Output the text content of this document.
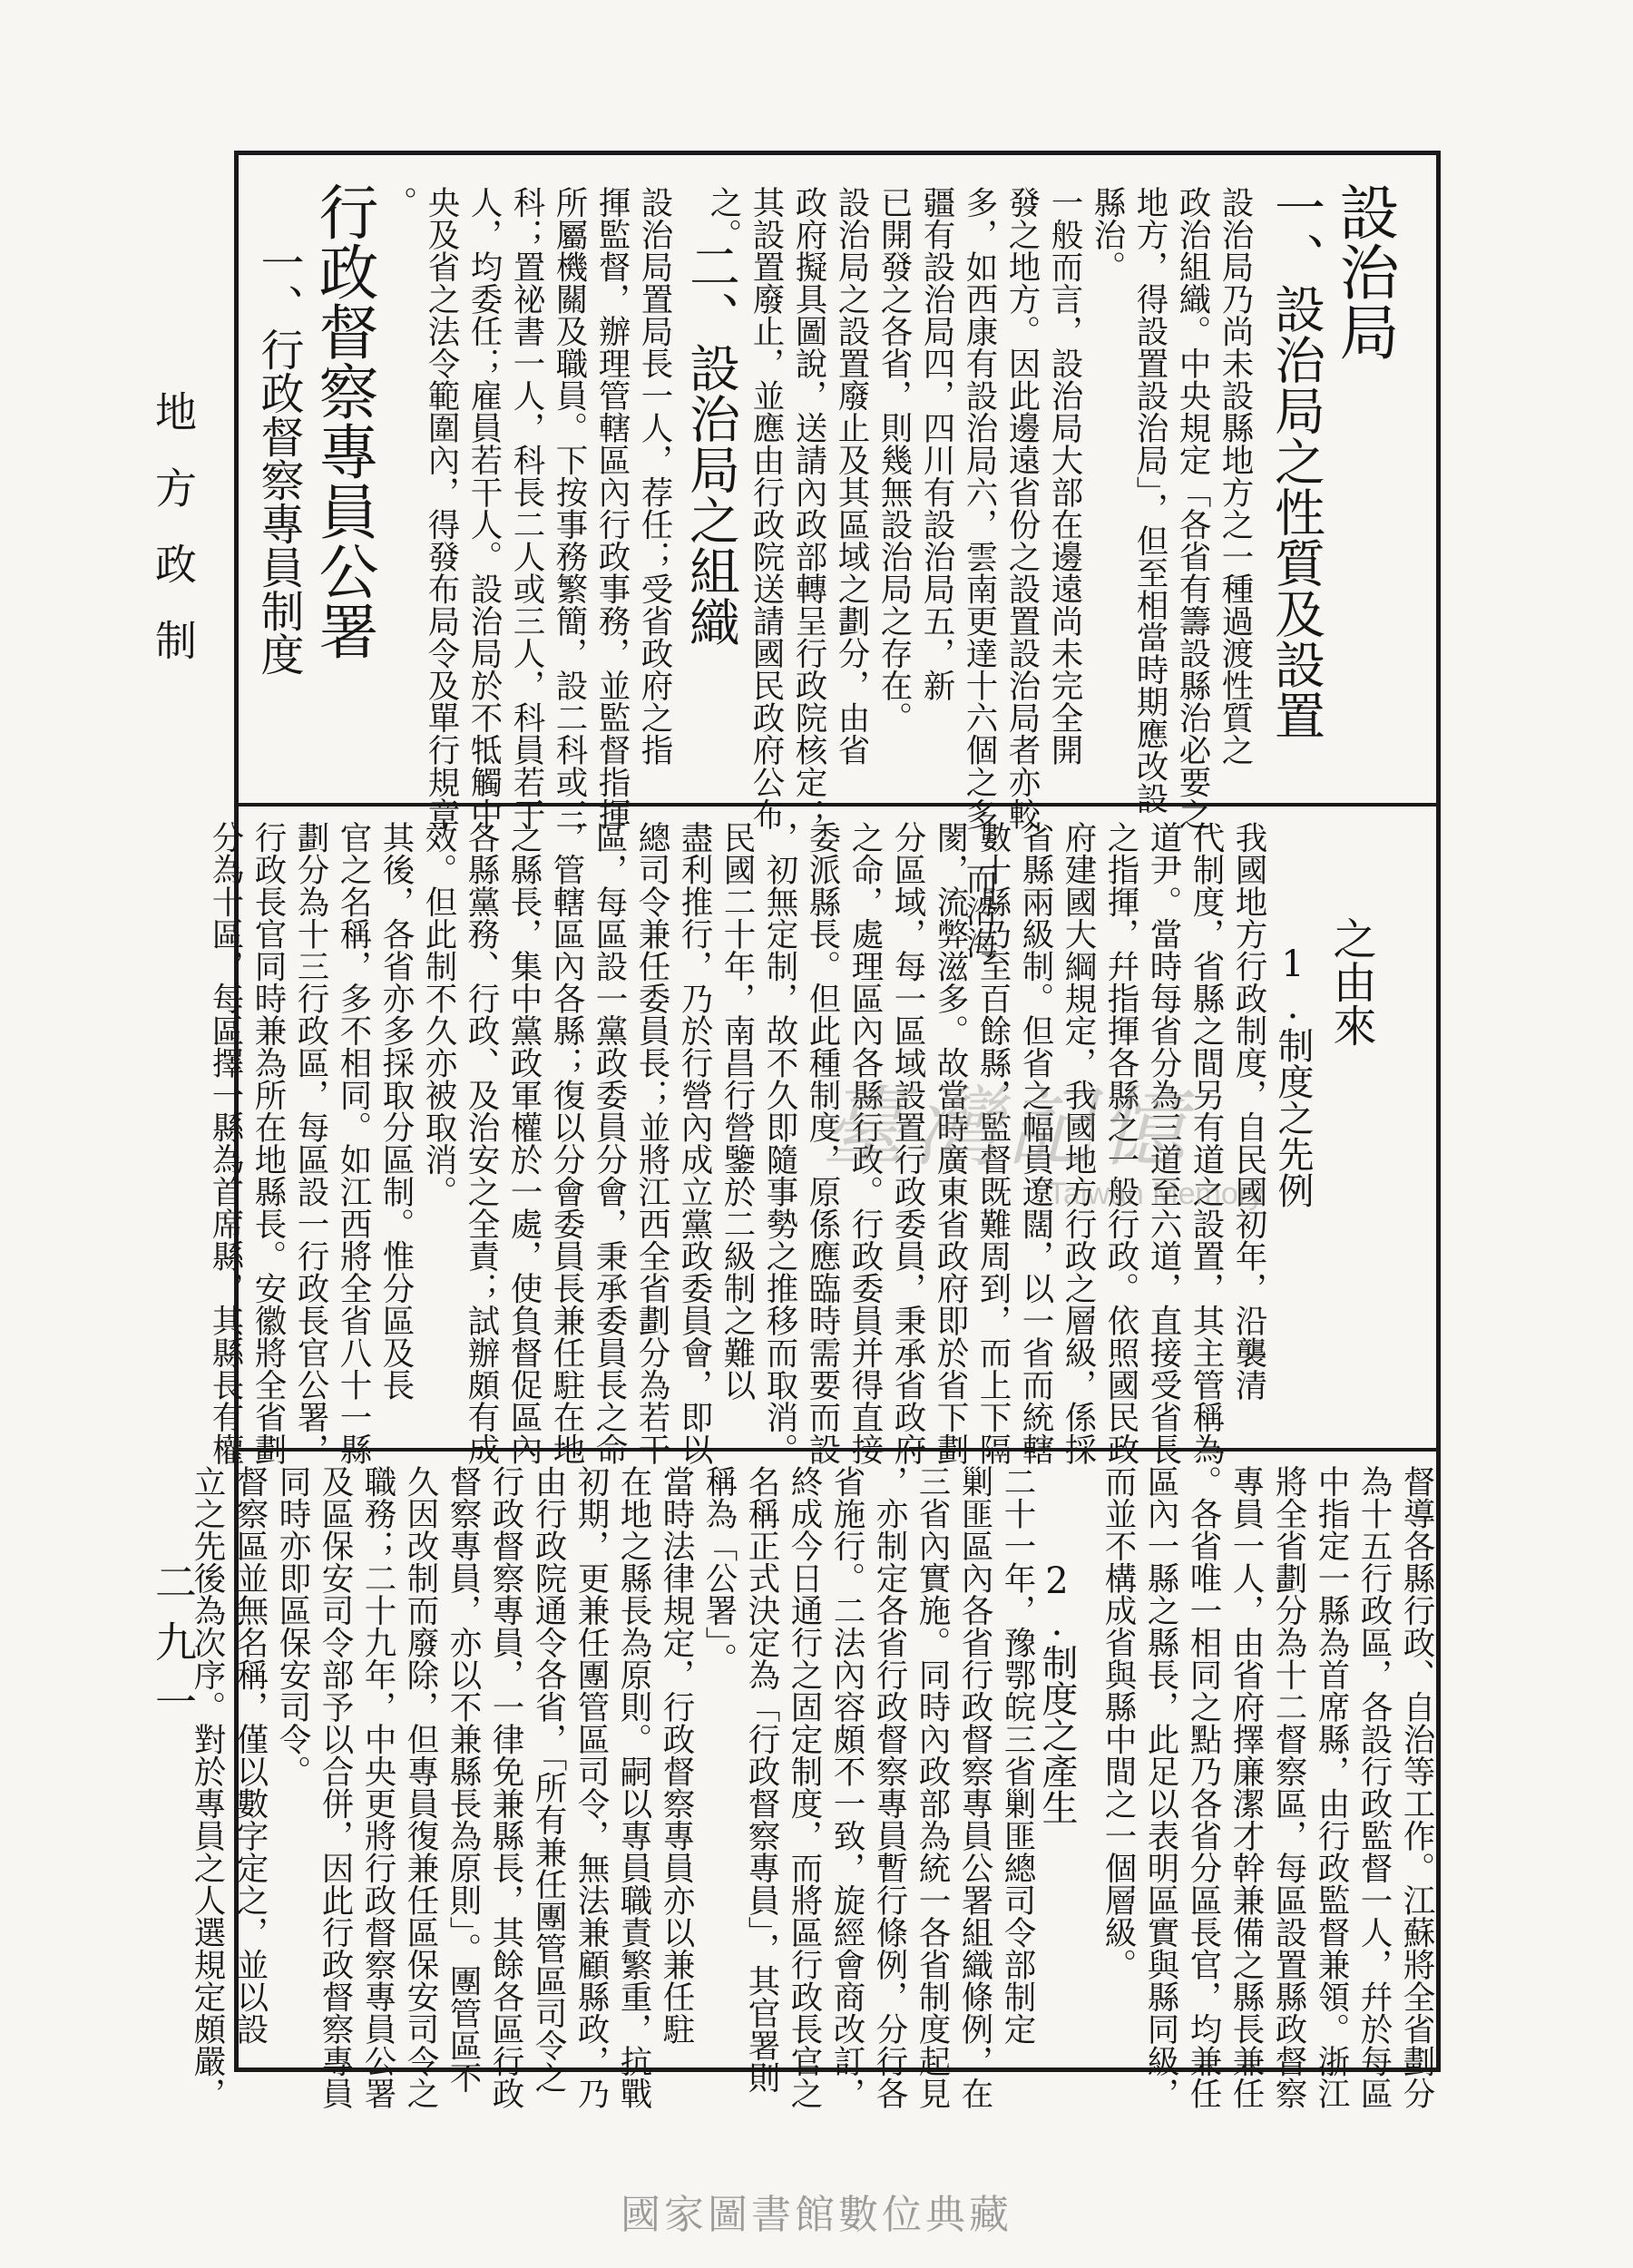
地方政制
二九一
設治局
一、設治局之性質及設置
設治局乃尚未設縣地方之一種過渡性質之
政治組織。中央規定「各省有籌設縣治必要之
地方，得設置設治局」，但至相當時期應改設
縣治。
一般而言，設治局大部在邊遠尚未完全開
發之地方。因此邊遠省份之設置設治局者亦較
多，如西康有設治局六，雲南更達十六個之多。而沿海
疆有設治局四，四川有設治局五，新
已開發之各省，則幾無設治局之存在。
設治局之設置廢止及其區域之劃分，由省
政府擬具圖說，送請內政部轉呈行政院核定；
其設置廢止，並應由行政院送請國民政府公布
之。
二、設治局之組織
設治局置局長一人，荐任；受省政府之指
揮監督，辦理管轄區內行政事務，並監督指揮
所屬機關及職員。下按事務繁簡，設二科或三
科；置祕書一人，科長二人或三人，科員若干
人，均委任；雇員若干人。設治局於不牴觸中
央及省之法令範圍內，得發布局令及單行規章
。
行政督察專員公署
一、行政督察專員制度
之由來
1.制度之先例
我國地方行政制度，自民國初年，沿襲清
代制度，省縣之間另有道之設置，其主管稱為
道尹。當時每省分為三道至六道，直接受省長
之指揮，幷指揮各縣之一般行政。依照國民政
府建國大綱規定，我國地方行政之層級，係採
省縣兩級制。但省之幅員遼闊，以一省而統轄
數十縣乃至百餘縣，監督既難周到，而上下隔
閡，流弊滋多。故當時廣東省政府即於省下劃
分區域，每一區域設置行政委員，秉承省政府
之命，處理區內各縣行政。行政委員并得直接
委派縣長。但此種制度，原係應臨時需要而設
，初無定制，故不久即隨事勢之推移而取消。
民國二十年，南昌行營鑒於二級制之難以
盡利推行，乃於行營內成立黨政委員會，即以
總司令兼任委員長；並將江西全省劃分為若干
區，每區設一黨政委員分會，秉承委員長之命
，管轄區內各縣；復以分會委員長兼任駐在地
之縣長，集中黨政軍權於一處，使負督促區內
各縣黨務、行政、及治安之全責；試辦頗有成
效。但此制不久亦被取消。
其後，各省亦多採取分區制。惟分區及長
官之名稱，多不相同。如江西將全省八十一縣
劃分為十三行政區，每區設一行政長官公署，
行政長官同時兼為所在地縣長。安徽將全省劃
分為十區，每區擇一縣為首席縣，其縣長有權
督導各縣行政、自治等工作。江蘇將全省劃分
為十五行政區，各設行政監督一人，幷於每區
中指定一縣為首席縣，由行政監督兼領。浙江
將全省劃分為十二督察區，每區設置縣政督察
專員一人，由省府擇廉潔才幹兼備之縣長兼任
。各省唯一相同之點乃各省分區長官，均兼任
區內一縣之縣長，此足以表明區實與縣同級，
而並不構成省與縣中間之一個層級。
2.制度之產生
二十一年，豫鄂皖三省剿匪總司令部制定
剿匪區內各省行政督察專員公署組織條例，在
三省內實施。同時內政部為統一各省制度起見
，亦制定各省行政督察專員暫行條例，分行各
省施行。二法內容頗不一致，旋經會商改訂，
終成今日通行之固定制度，而將區行政長官之
名稱正式決定為「行政督察專員」，其官署則
稱為「公署」。
當時法律規定，行政督察專員亦以兼任駐
在地之縣長為原則。嗣以專員職責繁重，抗戰
初期，更兼任團管區司令，無法兼顧縣政，乃
由行政院通令各省，「所有兼任團管區司令之
行政督察專員，一律免兼縣長，其餘各區行政
督察專員，亦以不兼縣長為原則」。團管區不
久因改制而廢除，但專員復兼任區保安司令之
職務；二十九年，中央更將行政督察專員公署
及區保安司令部予以合併，因此行政督察專員
同時亦即區保安司令。
督察區並無名稱，僅以數字定之，並以設
立之先後為次序。對於專員之人選規定頗嚴，
臺灣記憶
Taiwan Memory
國家圖書館數位典藏
